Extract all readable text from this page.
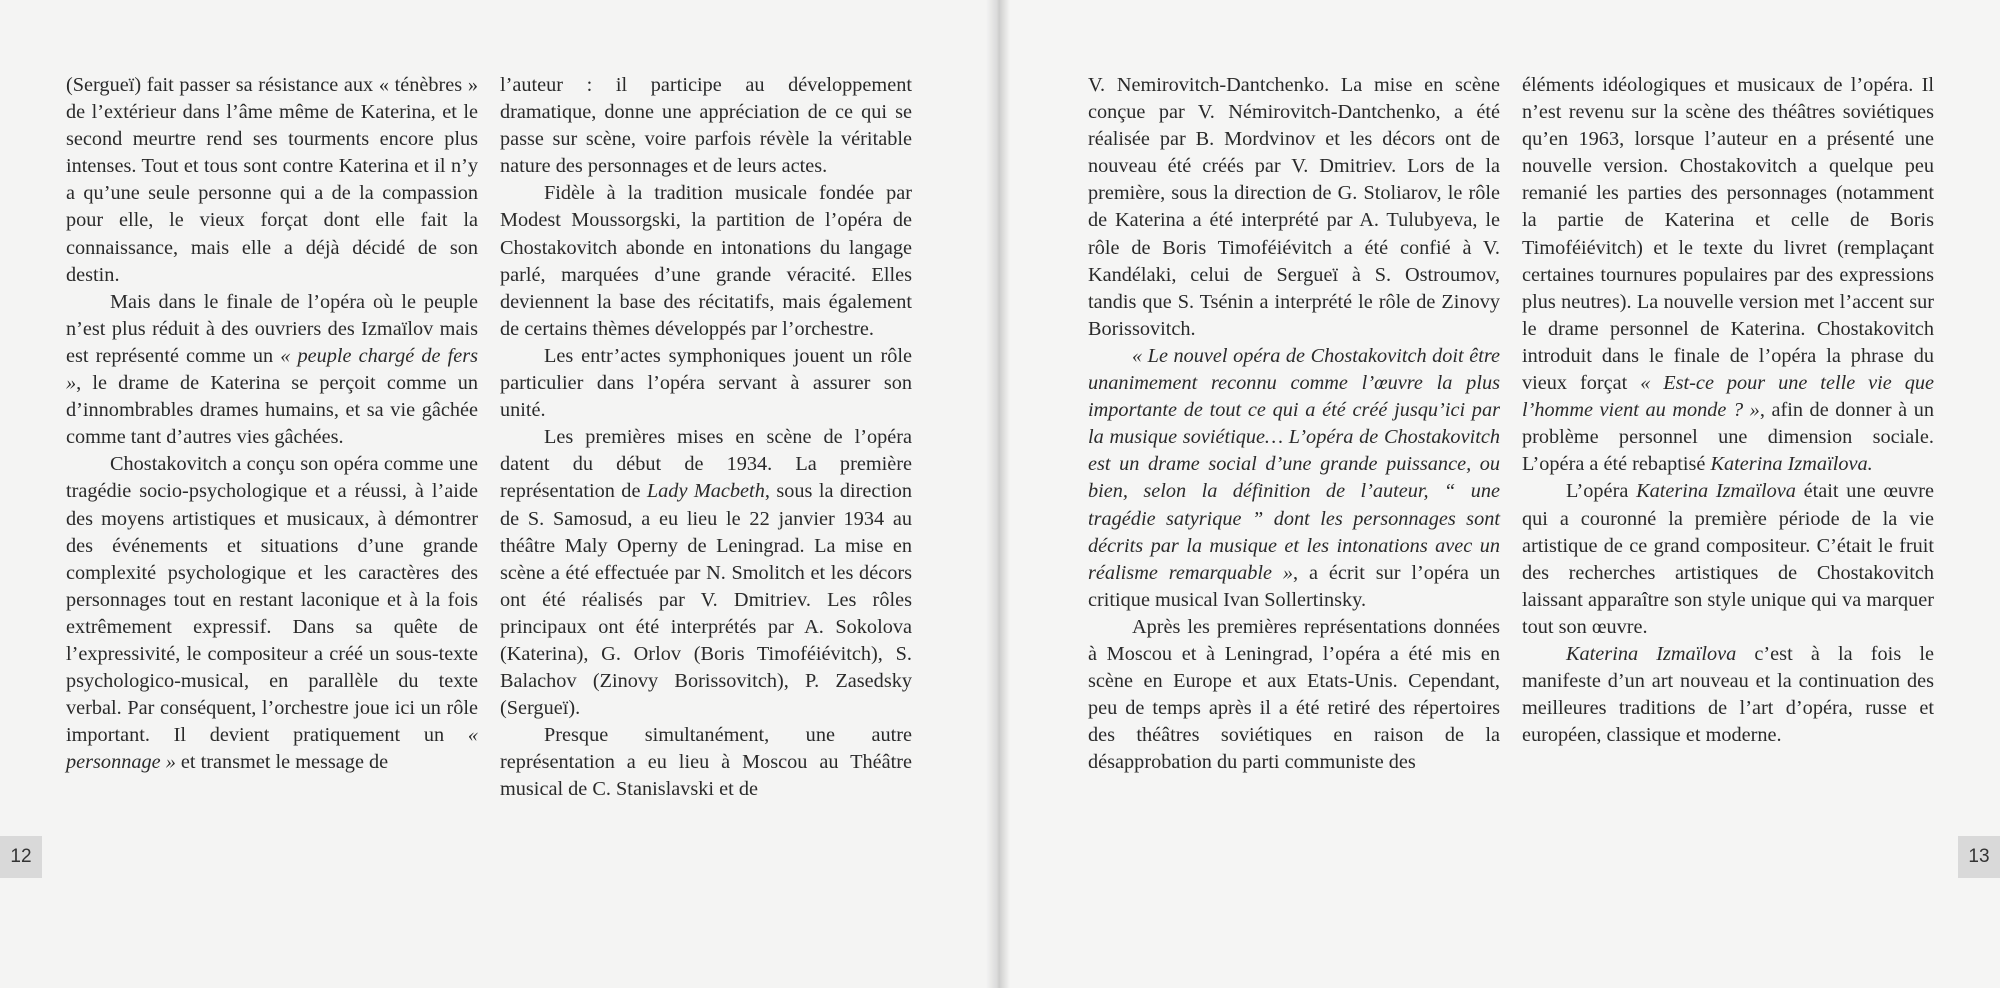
(Sergueï) fait passer sa résistance aux « ténèbres » de l’extérieur dans l’âme même de Katerina, et le second meurtre rend ses tourments encore plus intenses. Tout et tous sont contre Katerina et il n’y a qu’une seule personne qui a de la compassion pour elle, le vieux forçat dont elle fait la connaissance, mais elle a déjà décidé de son destin.

Mais dans le finale de l’opéra où le peuple n’est plus réduit à des ouvriers des Izmaïlov mais est représenté comme un « peuple chargé de fers », le drame de Katerina se perçoit comme un d’innombrables drames humains, et sa vie gâchée comme tant d’autres vies gâchées.

Chostakovitch a conçu son opéra comme une tragédie socio-psychologique et a réussi, à l’aide des moyens artistiques et musicaux, à démontrer des événements et situations d’une grande complexité psychologique et les caractères des personnages tout en restant laconique et à la fois extrêmement expressif. Dans sa quête de l’expressivité, le compositeur a créé un sous-texte psychologico-musical, en parallèle du texte verbal. Par conséquent, l’orchestre joue ici un rôle important. Il devient pratiquement un « personnage » et transmet le message de

l’auteur : il participe au développement dramatique, donne une appréciation de ce qui se passe sur scène, voire parfois révèle la véritable nature des personnages et de leurs actes.

Fidèle à la tradition musicale fondée par Modest Moussorgski, la partition de l’opéra de Chostakovitch abonde en intonations du langage parlé, marquées d’une grande véracité. Elles deviennent la base des récitatifs, mais également de certains thèmes développés par l’orchestre.

Les entr’actes symphoniques jouent un rôle particulier dans l’opéra servant à assurer son unité.

Les premières mises en scène de l’opéra datent du début de 1934. La première représentation de Lady Macbeth, sous la direction de S. Samosud, a eu lieu le 22 janvier 1934 au théâtre Maly Operny de Leningrad. La mise en scène a été effectuée par N. Smolitch et les décors ont été réalisés par V. Dmitriev. Les rôles principaux ont été interprétés par A. Sokolova (Katerina), G. Orlov (Boris Timoféiévitch), S. Balachov (Zinovy Borissovitch), P. Zasedsky (Sergueï).

Presque simultanément, une autre représentation a eu lieu à Moscou au Théâtre musical de C. Stanislavski et de

12

V. Nemirovitch-Dantchenko. La mise en scène conçue par V. Némirovitch-Dantchenko, a été réalisée par B. Mordvinov et les décors ont de nouveau été créés par V. Dmitriev. Lors de la première, sous la direction de G. Stoliarov, le rôle de Katerina a été interprété par A. Tulubyeva, le rôle de Boris Timoféiévitch a été confié à V. Kandélaki, celui de Sergueï à S. Ostroumov, tandis que S. Tsénin a interprété le rôle de Zinovy Borissovitch.

« Le nouvel opéra de Chostakovitch doit être unanimement reconnu comme l’œuvre la plus importante de tout ce qui a été créé jusqu’ici par la musique soviétique… L’opéra de Chostakovitch est un drame social d’une grande puissance, ou bien, selon la définition de l’auteur, “ une tragédie satyrique ” dont les personnages sont décrits par la musique et les intonations avec un réalisme remarquable », a écrit sur l’opéra un critique musical Ivan Sollertinsky.

Après les premières représentations données à Moscou et à Leningrad, l’opéra a été mis en scène en Europe et aux Etats-Unis. Cependant, peu de temps après il a été retiré des répertoires des théâtres soviétiques en raison de la désapprobation du parti communiste des

éléments idéologiques et musicaux de l’opéra. Il n’est revenu sur la scène des théâtres soviétiques qu’en 1963, lorsque l’auteur en a présenté une nouvelle version. Chostakovitch a quelque peu remanié les parties des personnages (notamment la partie de Katerina et celle de Boris Timoféiévitch) et le texte du livret (remplaçant certaines tournures populaires par des expressions plus neutres). La nouvelle version met l’accent sur le drame personnel de Katerina. Chostakovitch introduit dans le finale de l’opéra la phrase du vieux forçat « Est-ce pour une telle vie que l’homme vient au monde ? », afin de donner à un problème personnel une dimension sociale. L’opéra a été rebaptisé Katerina Izmaïlova.

L’opéra Katerina Izmaïlova était une œuvre qui a couronné la première période de la vie artistique de ce grand compositeur. C’était le fruit des recherches artistiques de Chostakovitch laissant apparaître son style unique qui va marquer tout son œuvre.

Katerina Izmaïlova c’est à la fois le manifeste d’un art nouveau et la continuation des meilleures traditions de l’art d’opéra, russe et européen, classique et moderne.

13
